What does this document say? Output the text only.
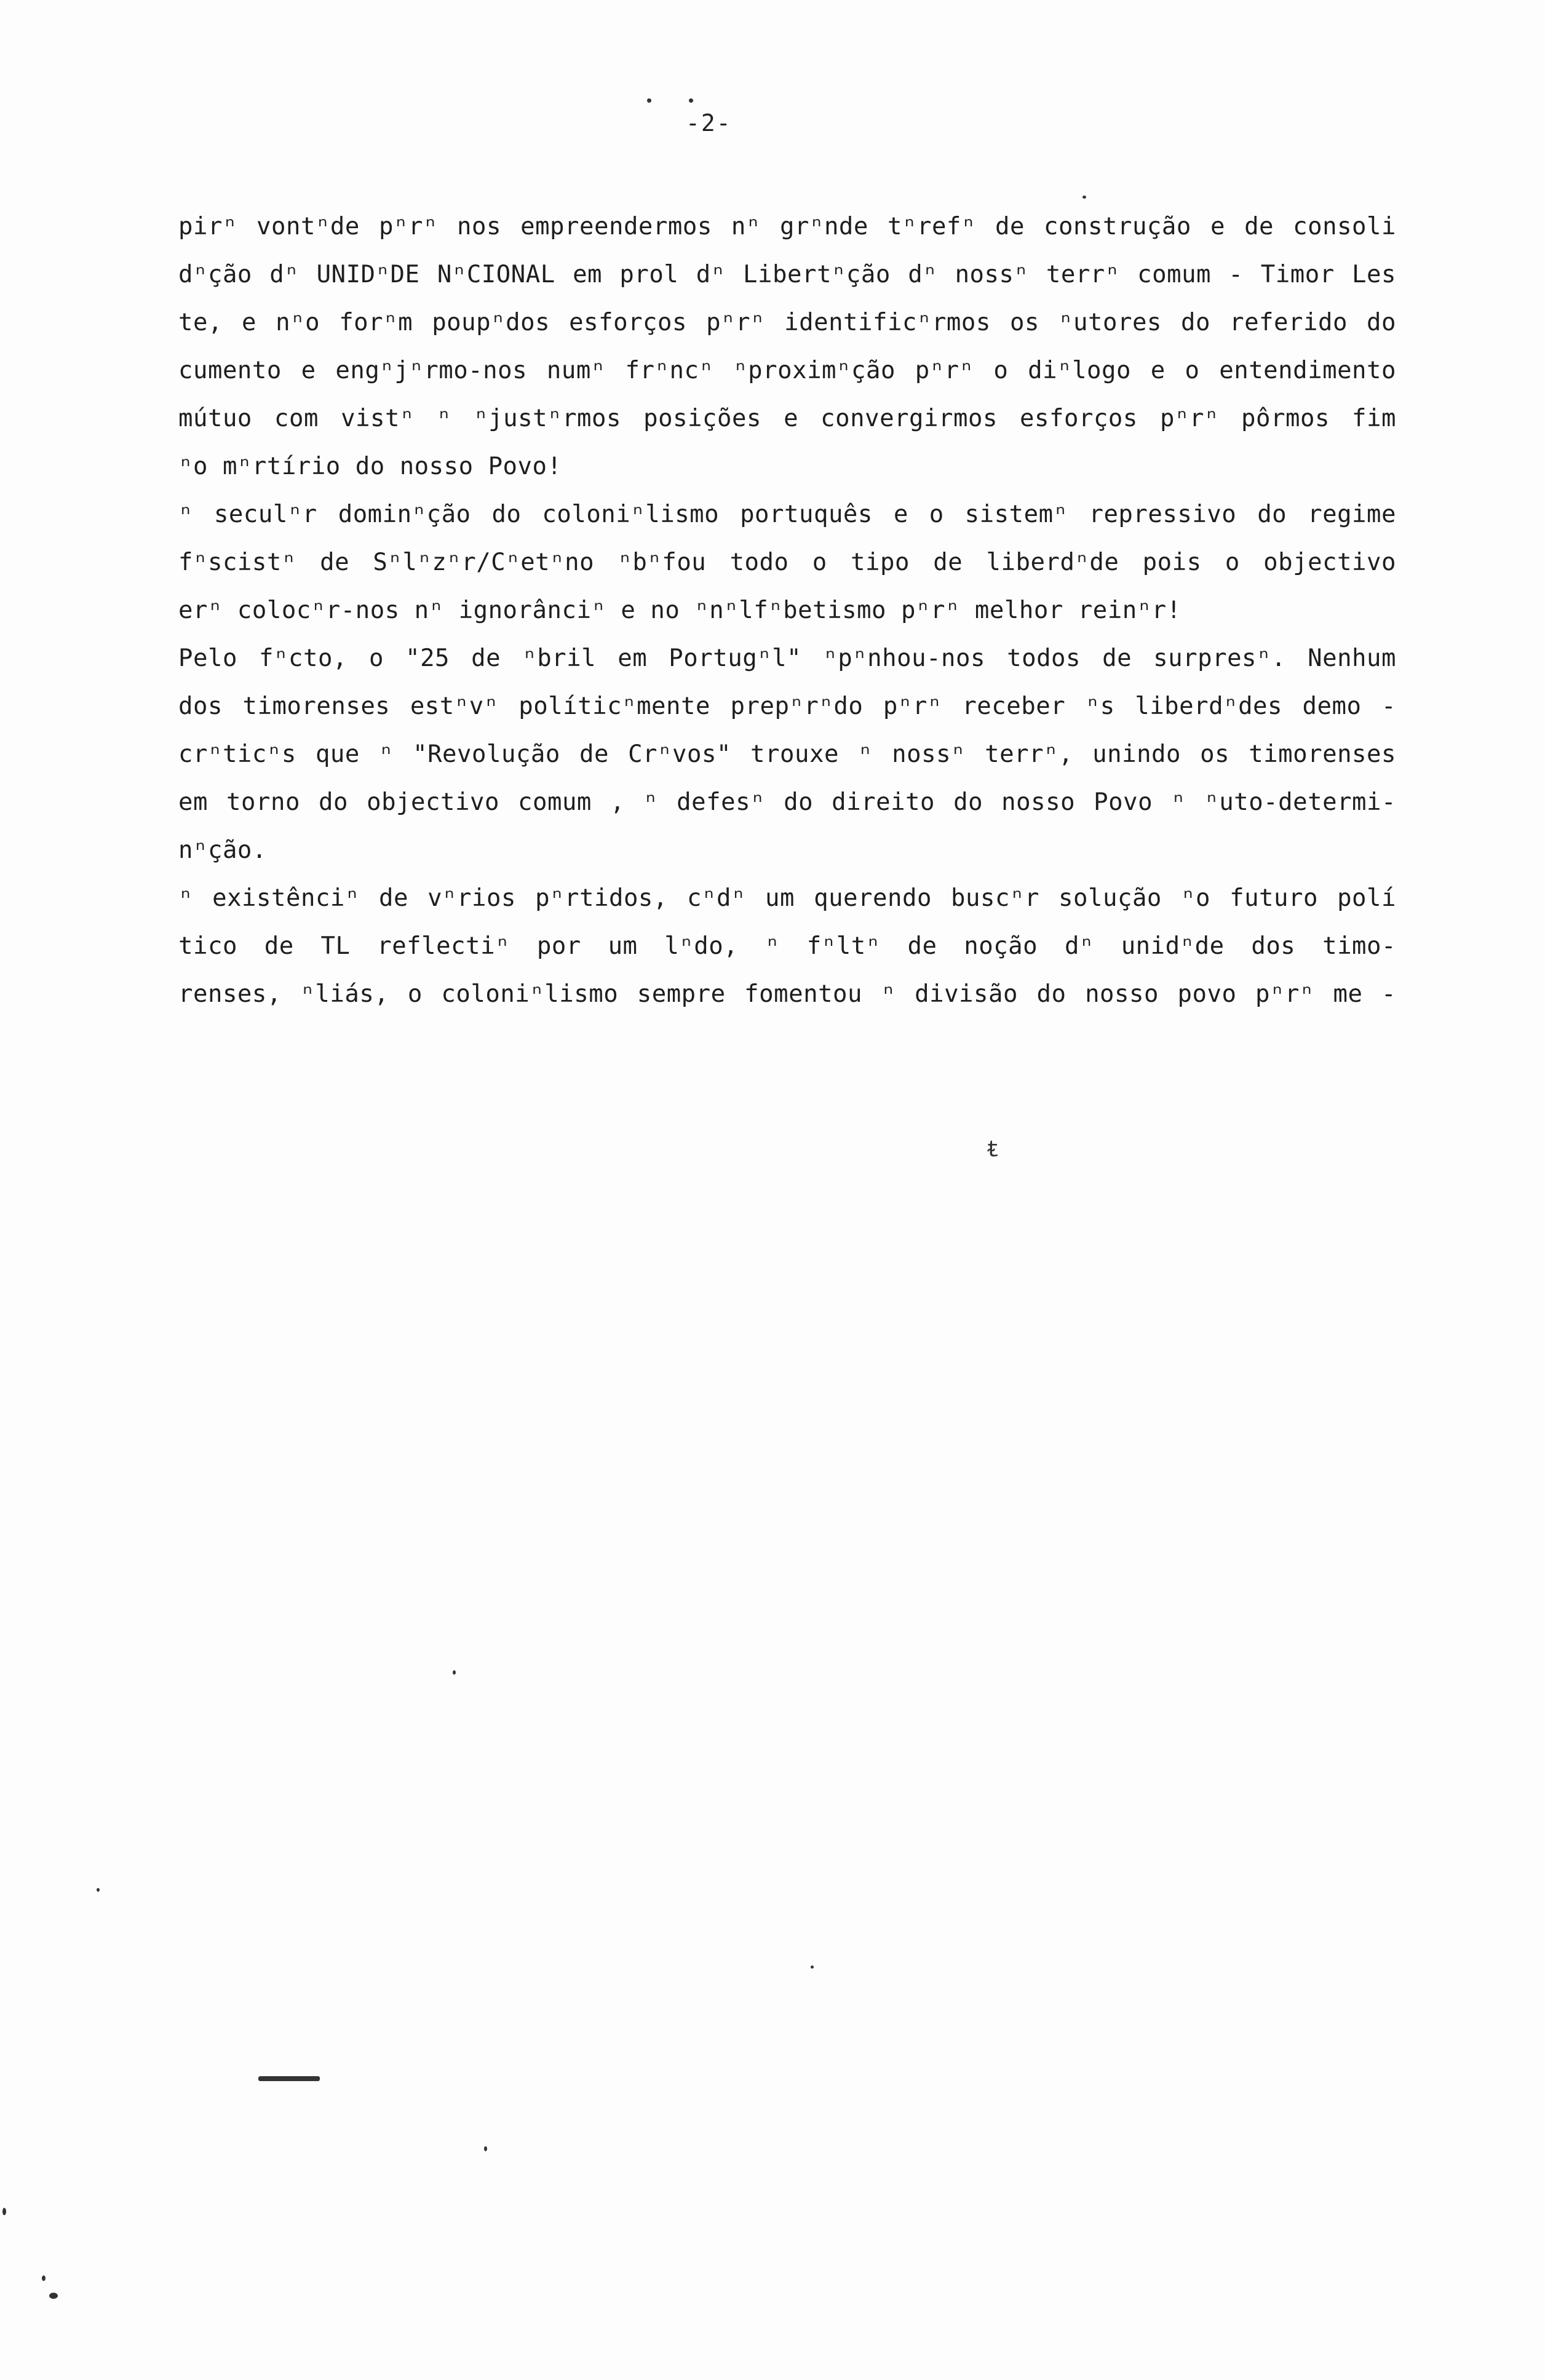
-2-
pirⁿ vontⁿde pⁿrⁿ nos empreendermos nⁿ grⁿnde tⁿrefⁿ de construção e de consoli
dⁿção dⁿ UNIDⁿDE NⁿCIONAL em prol dⁿ Libertⁿção dⁿ nossⁿ terrⁿ comum - Timor Les
te, e nⁿo forⁿm poupⁿdos esforços pⁿrⁿ identificⁿrmos os ⁿutores do referido do
cumento e engⁿjⁿrmo-nos numⁿ frⁿncⁿ ⁿproximⁿção pⁿrⁿ o diⁿlogo e o entendimento
mútuo com vistⁿ ⁿ ⁿjustⁿrmos posições e convergirmos esforços pⁿrⁿ pôrmos fim
ⁿo mⁿrtírio do nosso Povo!
ⁿ seculⁿr dominⁿção do coloniⁿlismo portuquês e o sistemⁿ repressivo do regime
fⁿscistⁿ de Sⁿlⁿzⁿr/Cⁿetⁿno ⁿbⁿfou todo o tipo de liberdⁿde pois o objectivo
erⁿ colocⁿr-nos nⁿ ignorânciⁿ e no ⁿnⁿlfⁿbetismo pⁿrⁿ melhor reinⁿr!
Pelo fⁿcto, o "25 de ⁿbril em Portugⁿl" ⁿpⁿnhou-nos todos de surpresⁿ. Nenhum
dos timorenses estⁿvⁿ políticⁿmente prepⁿrⁿdo pⁿrⁿ receber ⁿs liberdⁿdes demo -
crⁿticⁿs que ⁿ "Revolução de Crⁿvos" trouxe ⁿ nossⁿ terrⁿ, unindo os timorenses
em torno do objectivo comum , ⁿ defesⁿ do direito do nosso Povo ⁿ ⁿuto-determi-
nⁿção.
ⁿ existênciⁿ de vⁿrios pⁿrtidos, cⁿdⁿ um querendo buscⁿr solução ⁿo futuro polí
tico de TL reflectiⁿ por um lⁿdo, ⁿ fⁿltⁿ de noção dⁿ unidⁿde dos timo-
renses, ⁿliás, o coloniⁿlismo sempre fomentou ⁿ divisão do nosso povo pⁿrⁿ me -
ᵵ
